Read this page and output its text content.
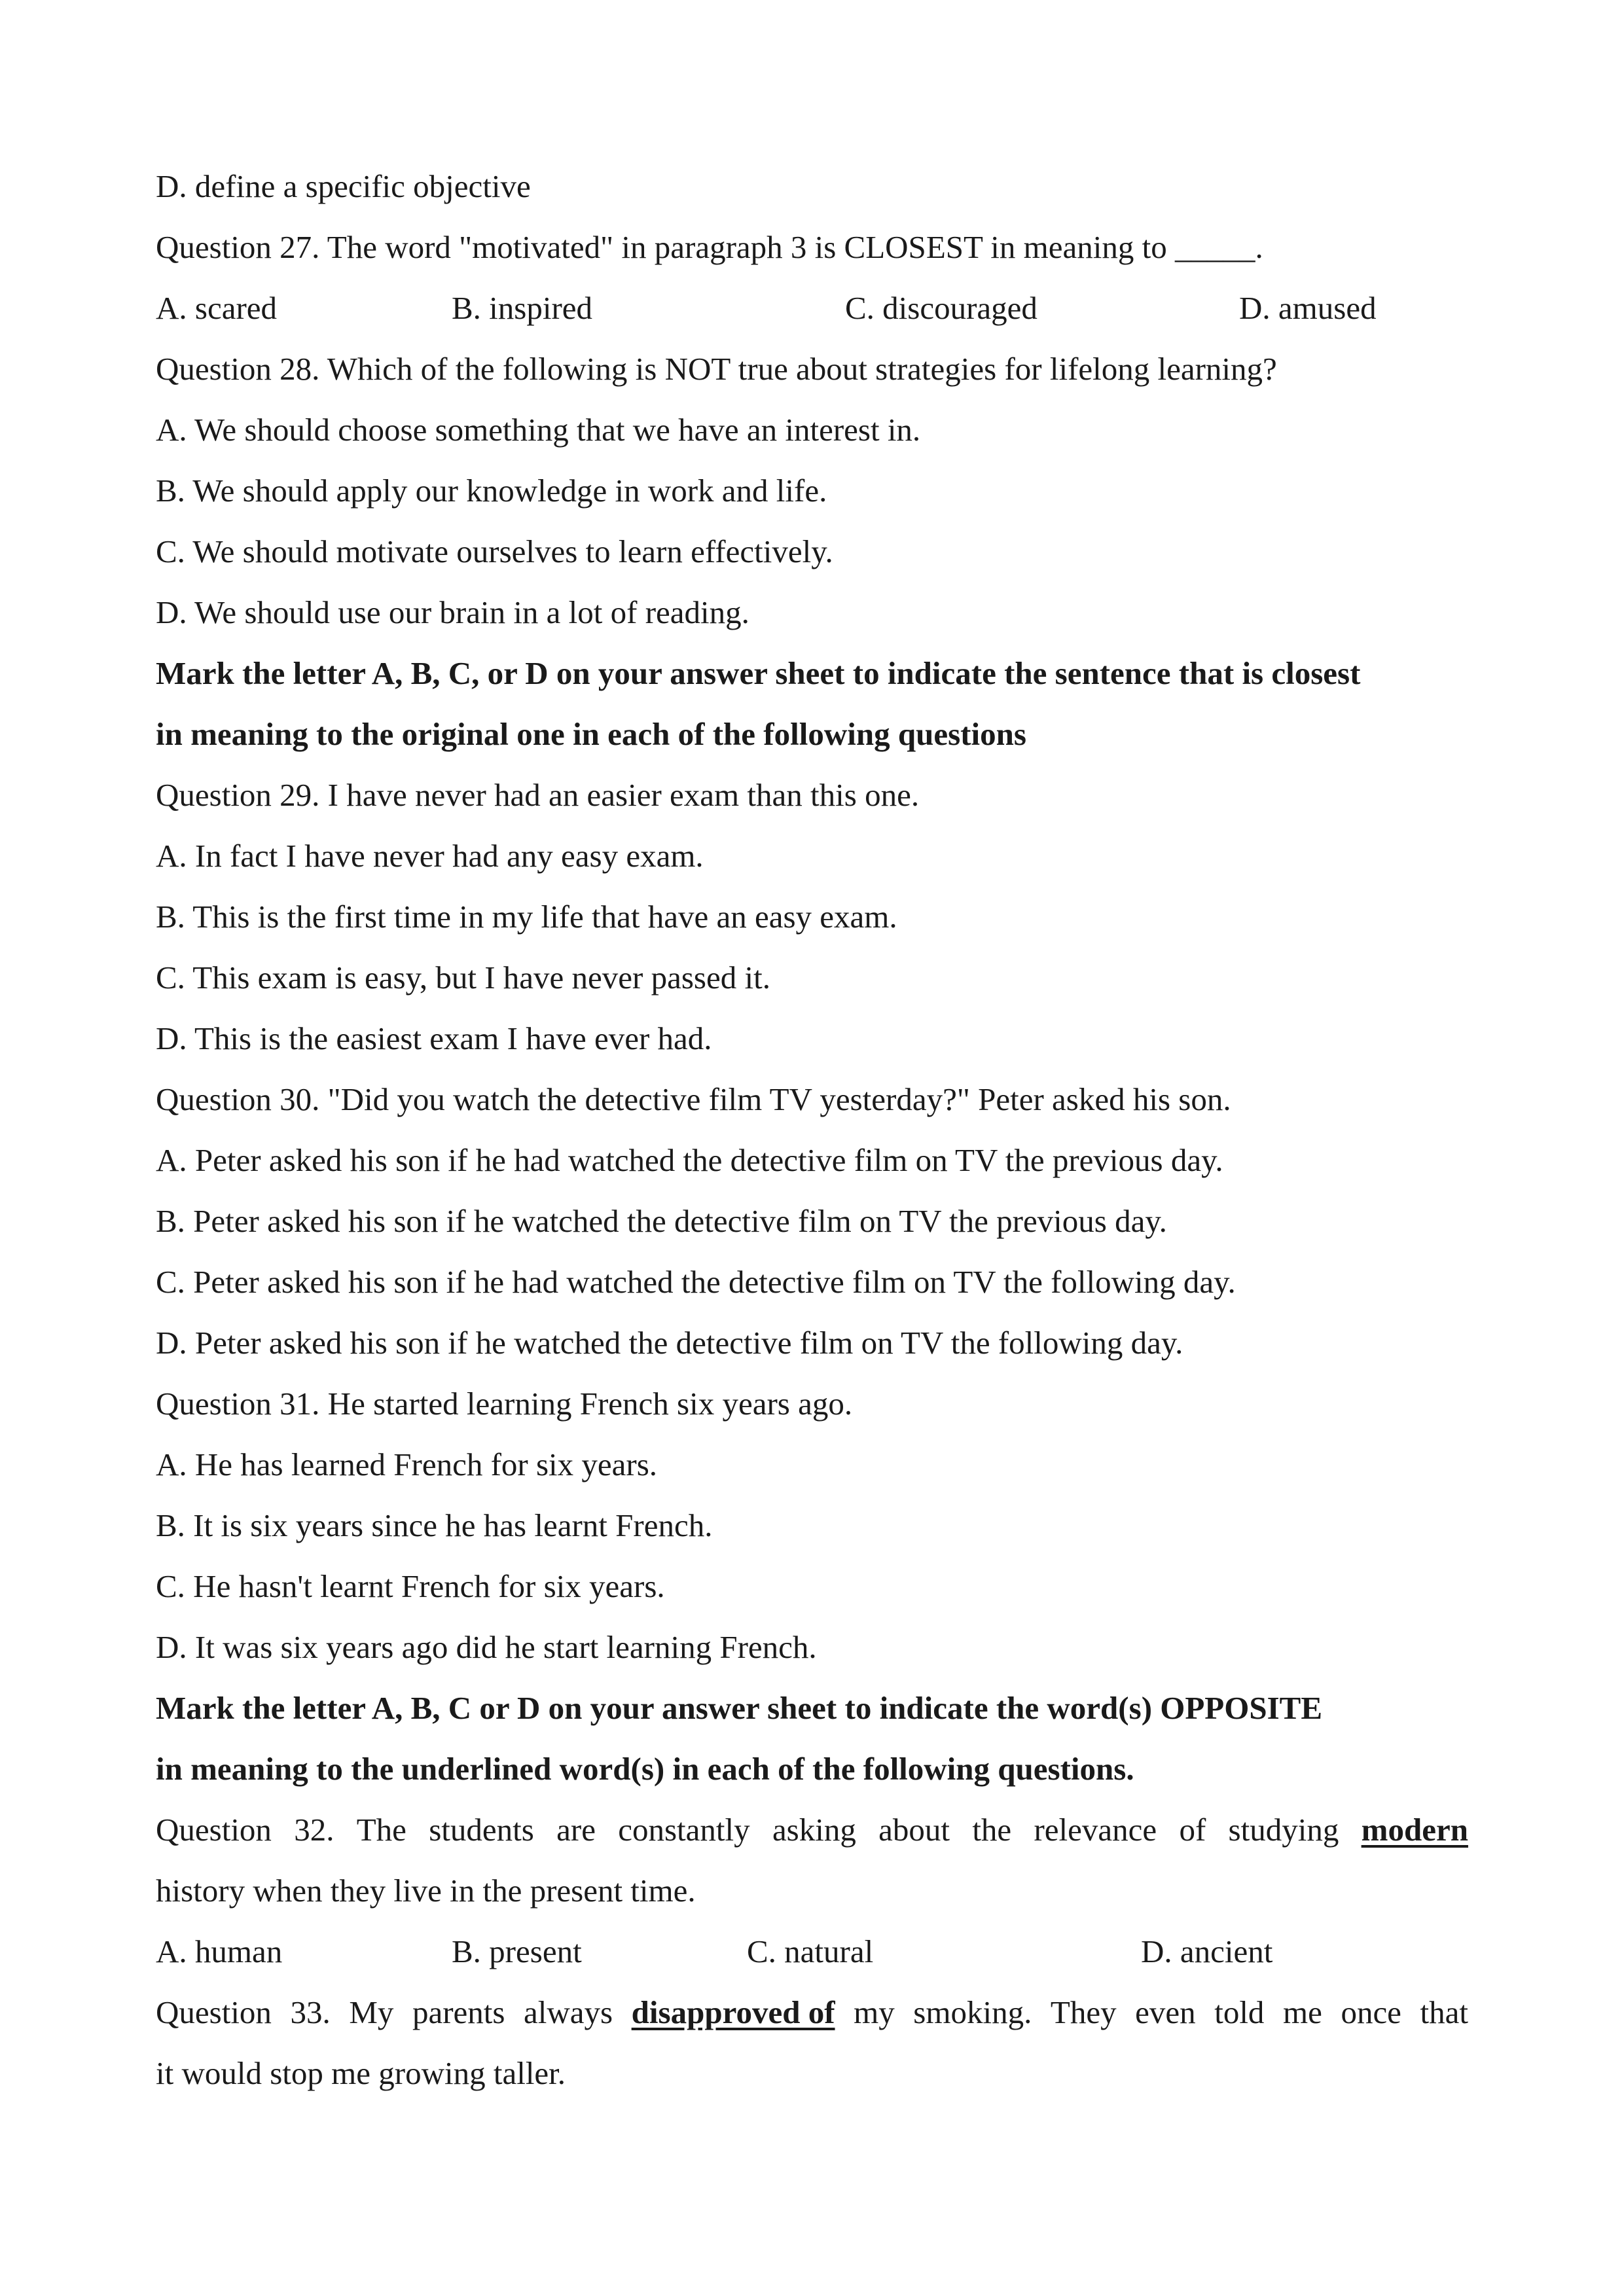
D. define a specific objective
Question 27. The word "motivated" in paragraph 3 is CLOSEST in meaning to _____.
A. scared	B. inspired	C. discouraged	D. amused
Question 28. Which of the following is NOT true about strategies for lifelong learning?
A. We should choose something that we have an interest in.
B. We should apply our knowledge in work and life.
C. We should motivate ourselves to learn effectively.
D. We should use our brain in a lot of reading.
Mark the letter A, B, C, or D on your answer sheet to indicate the sentence that is closest
in meaning to the original one in each of the following questions
Question 29. I have never had an easier exam than this one.
A. In fact I have never had any easy exam.
B. This is the first time in my life that have an easy exam.
C. This exam is easy, but I have never passed it.
D. This is the easiest exam I have ever had.
Question 30. "Did you watch the detective film TV yesterday?" Peter asked his son.
A. Peter asked his son if he had watched the detective film on TV the previous day.
B. Peter asked his son if he watched the detective film on TV the previous day.
C. Peter asked his son if he had watched the detective film on TV the following day.
D. Peter asked his son if he watched the detective film on TV the following day.
Question 31. He started learning French six years ago.
A. He has learned French for six years.
B. It is six years since he has learnt French.
C. He hasn't learnt French for six years.
D. It was six years ago did he start learning French.
Mark the letter A, B, C or D on your answer sheet to indicate the word(s) OPPOSITE
in meaning to the underlined word(s) in each of the following questions.
Question 32. The students are constantly asking about the relevance of studying modern
history when they live in the present time.
A. human	B. present	C. natural	D. ancient
Question 33. My parents always disapproved of my smoking. They even told me once that
it would stop me growing taller.
